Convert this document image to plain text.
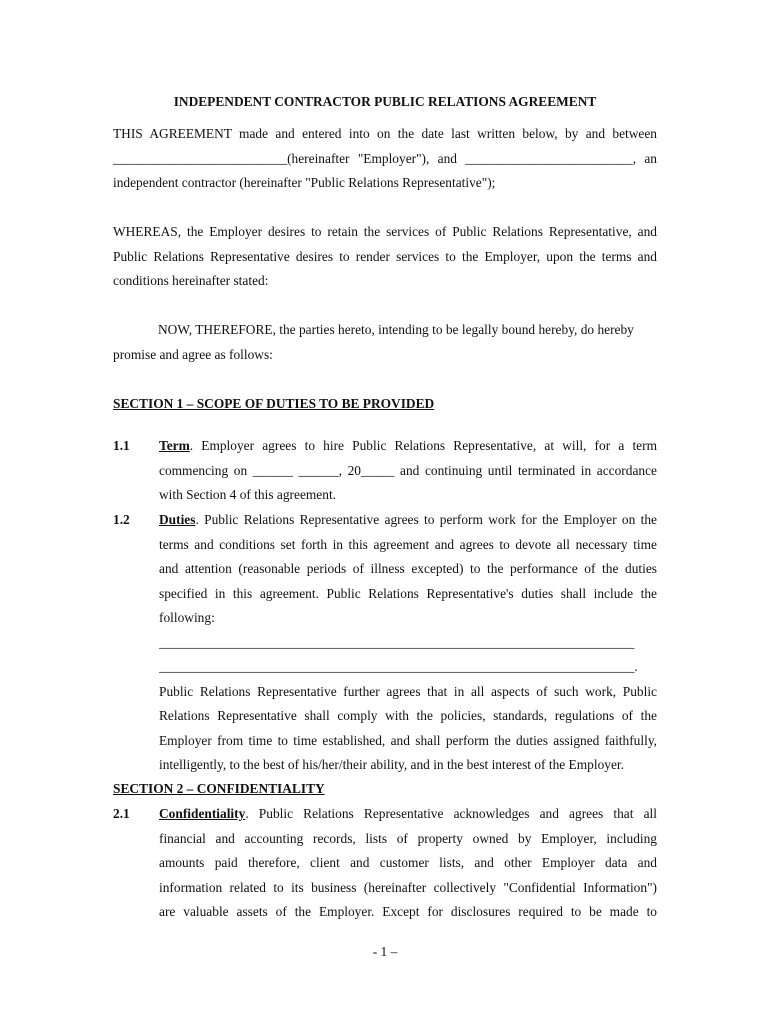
INDEPENDENT CONTRACTOR PUBLIC RELATIONS AGREEMENT
THIS AGREEMENT made and entered into on the date last written below, by and between
__________________________(hereinafter "Employer"), and _________________________, an
independent contractor (hereinafter "Public Relations Representative");
WHEREAS, the Employer desires to retain the services of Public Relations Representative, and
Public Relations Representative desires to render services to the Employer, upon the terms and
conditions hereinafter stated:
NOW, THEREFORE, the parties hereto, intending to be legally bound hereby, do hereby
promise and agree as follows:
SECTION 1 – SCOPE OF DUTIES TO BE PROVIDED
1.1 Term. Employer agrees to hire Public Relations Representative, at will, for a term
commencing on ______ ______, 20_____ and continuing until terminated in accordance
with Section 4 of this agreement.
1.2 Duties. Public Relations Representative agrees to perform work for the Employer on the
terms and conditions set forth in this agreement and agrees to devote all necessary time
and attention (reasonable periods of illness excepted) to the performance of the duties
specified in this agreement. Public Relations Representative's duties shall include the
following:
_______________________________________________________________________
_______________________________________________________________________.
Public Relations Representative further agrees that in all aspects of such work, Public
Relations Representative shall comply with the policies, standards, regulations of the
Employer from time to time established, and shall perform the duties assigned faithfully,
intelligently, to the best of his/her/their ability, and in the best interest of the Employer.
SECTION 2 – CONFIDENTIALITY
2.1 Confidentiality. Public Relations Representative acknowledges and agrees that all
financial and accounting records, lists of property owned by Employer, including
amounts paid therefore, client and customer lists, and other Employer data and
information related to its business (hereinafter collectively "Confidential Information")
are valuable assets of the Employer. Except for disclosures required to be made to
- 1 –
